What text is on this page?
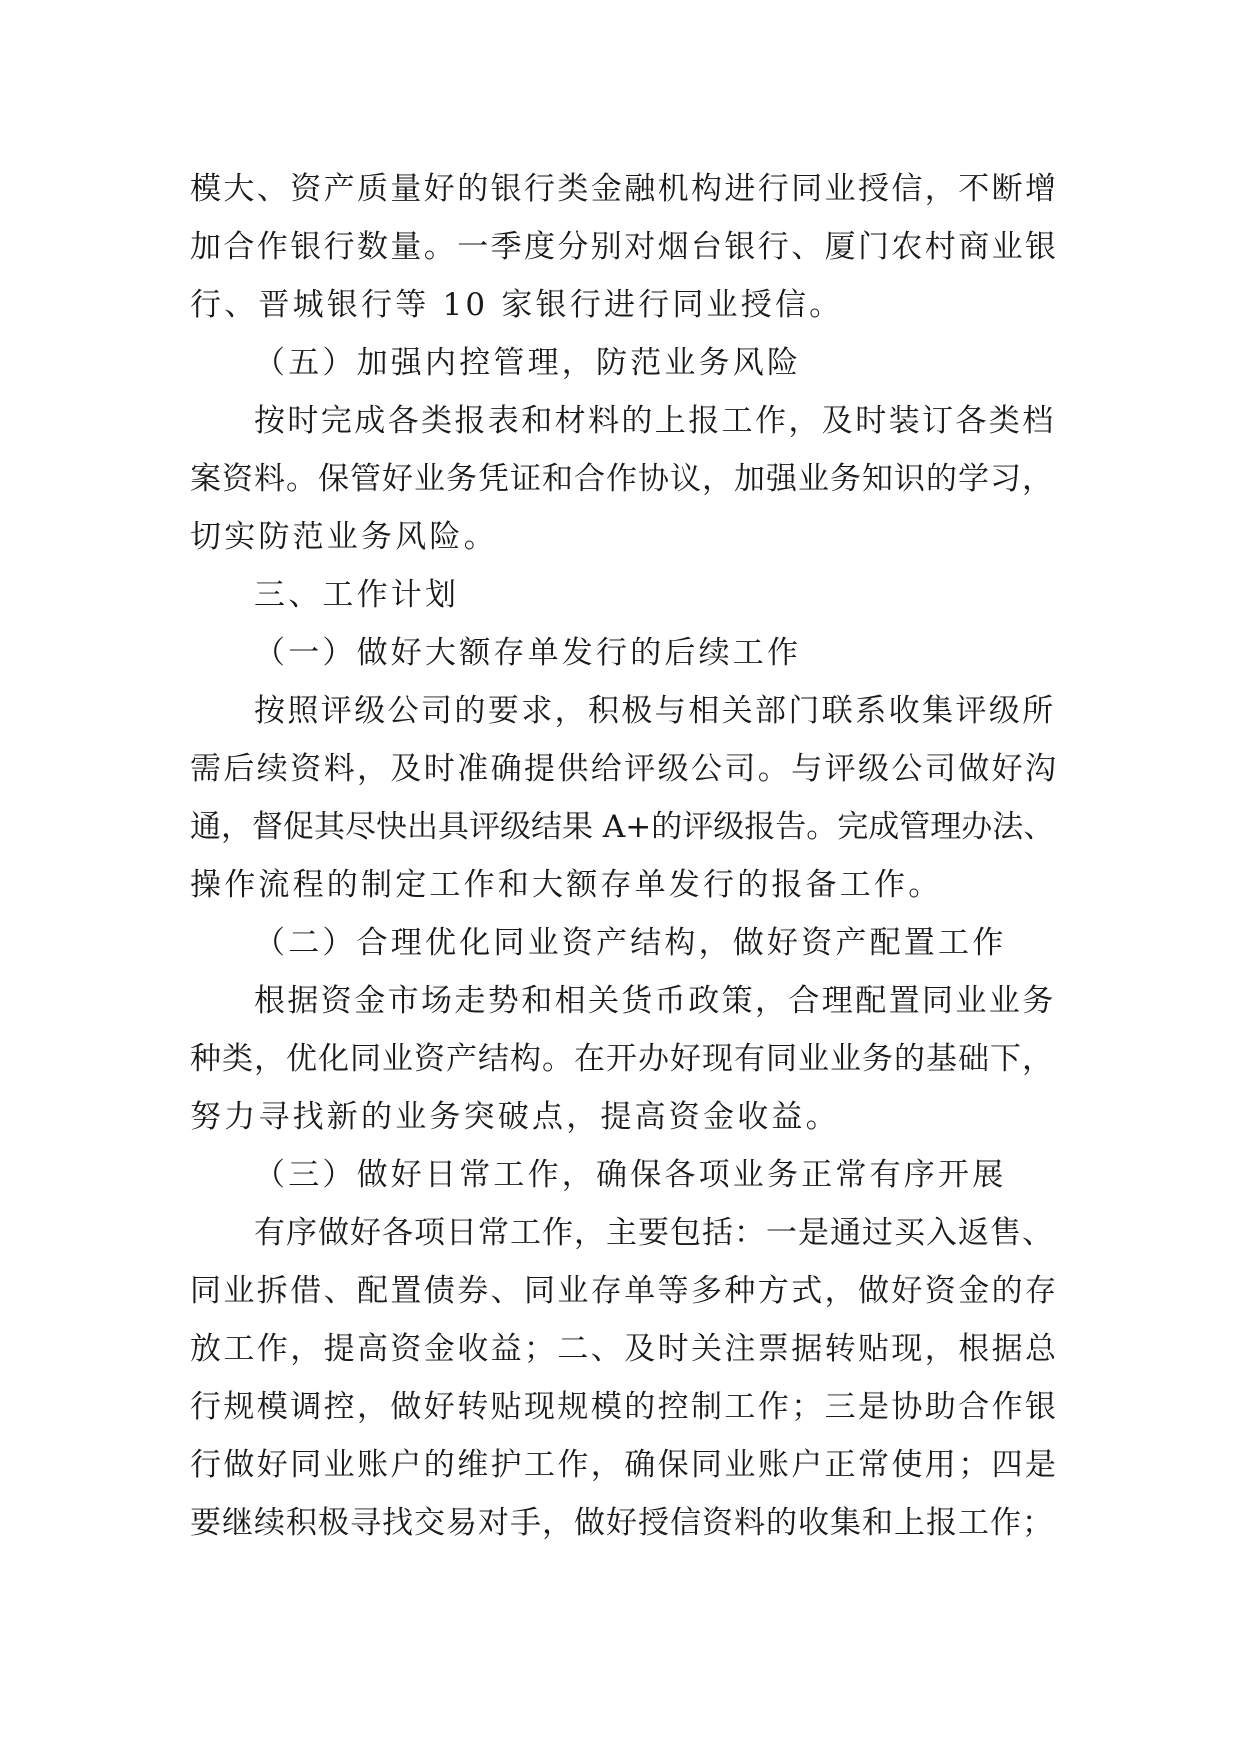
模大、资产质量好的银行类金融机构进行同业授信，不断增
加合作银行数量。一季度分别对烟台银行、厦门农村商业银
行、晋城银行等 10 家银行进行同业授信。
（五）加强内控管理，防范业务风险
按时完成各类报表和材料的上报工作，及时装订各类档
案资料。保管好业务凭证和合作协议，加强业务知识的学习，
切实防范业务风险。
三、工作计划
（一）做好大额存单发行的后续工作
按照评级公司的要求，积极与相关部门联系收集评级所
需后续资料，及时准确提供给评级公司。与评级公司做好沟
通，督促其尽快出具评级结果 A+的评级报告。完成管理办法、
操作流程的制定工作和大额存单发行的报备工作。
（二）合理优化同业资产结构，做好资产配置工作
根据资金市场走势和相关货币政策，合理配置同业业务
种类，优化同业资产结构。在开办好现有同业业务的基础下，
努力寻找新的业务突破点，提高资金收益。
（三）做好日常工作，确保各项业务正常有序开展
有序做好各项日常工作，主要包括：一是通过买入返售、
同业拆借、配置债券、同业存单等多种方式，做好资金的存
放工作，提高资金收益；二、及时关注票据转贴现，根据总
行规模调控，做好转贴现规模的控制工作；三是协助合作银
行做好同业账户的维护工作，确保同业账户正常使用；四是
要继续积极寻找交易对手，做好授信资料的收集和上报工作；
